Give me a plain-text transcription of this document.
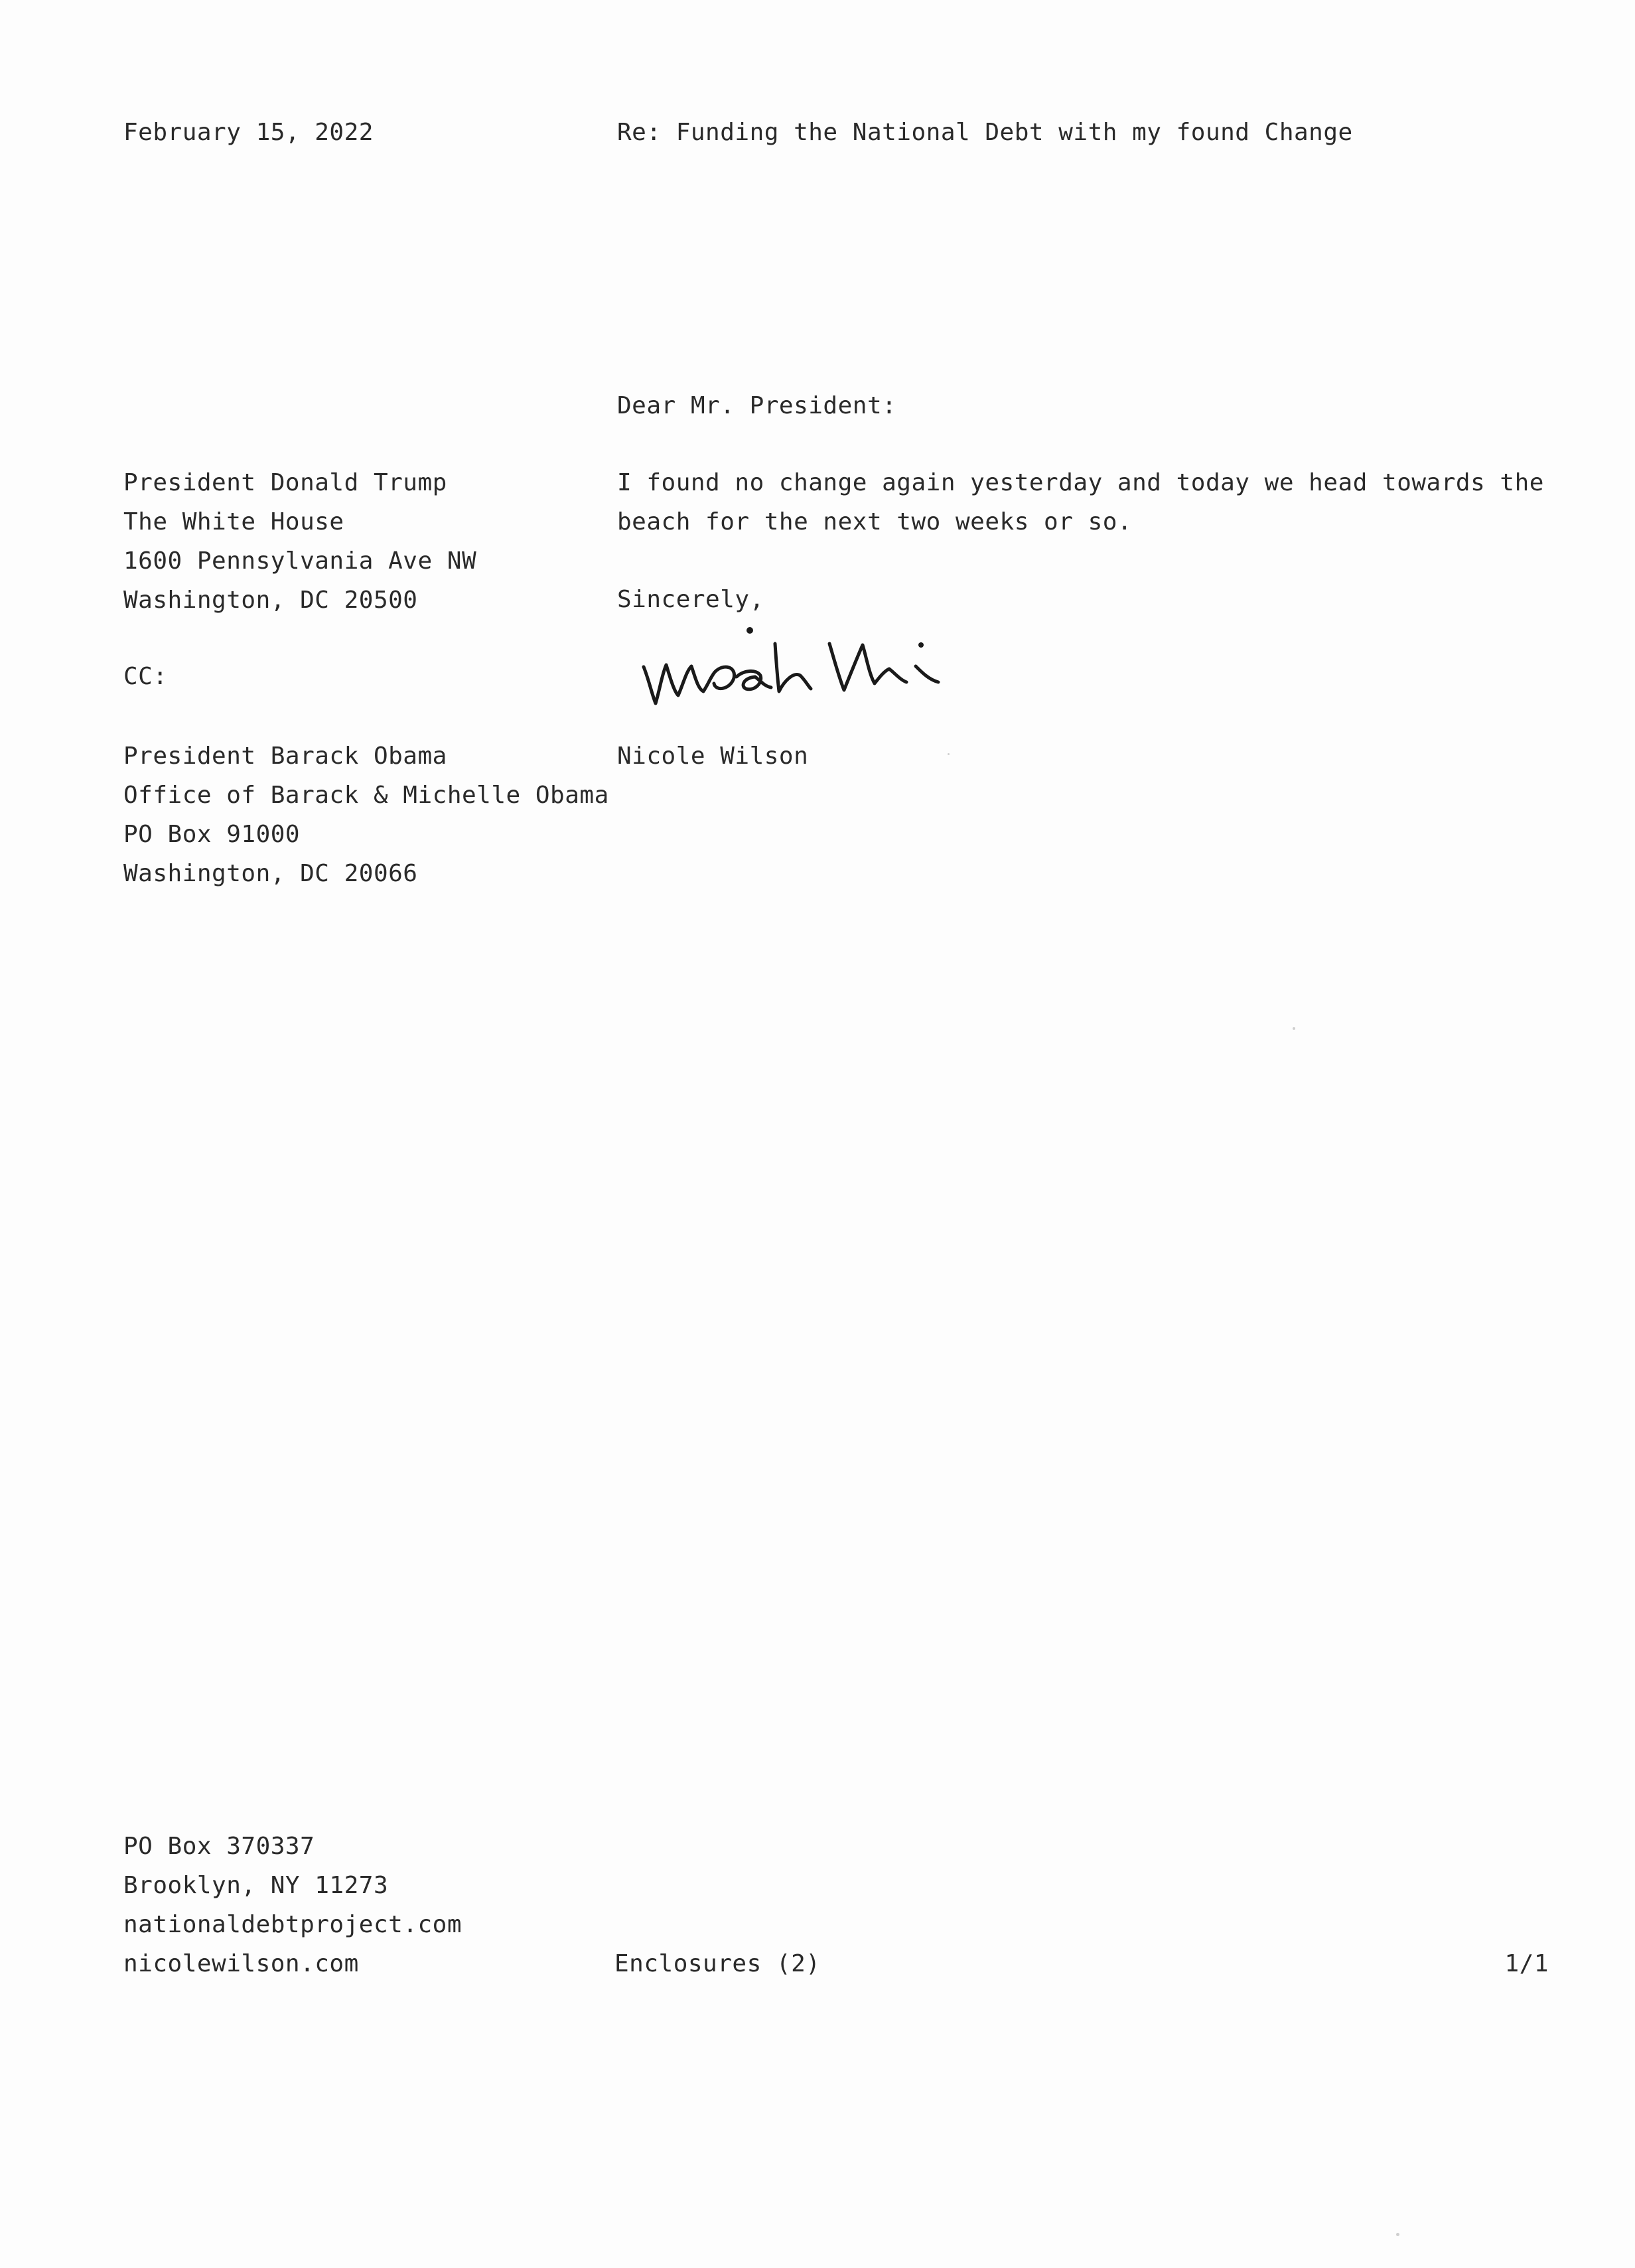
February 15, 2022	Re: Funding the National Debt with my found Change
Dear Mr. President:
President Donald Trump
The White House
1600 Pennsylvania Ave NW
Washington, DC 20500
I found no change again yesterday and today we head towards the
beach for the next two weeks or so.
Sincerely,
CC:
Nicole Wilson
President Barack Obama
Office of Barack & Michelle Obama
PO Box 91000
Washington, DC 20066
PO Box 370337
Brooklyn, NY 11273
nationaldebtproject.com
nicolewilson.com	Enclosures (2)	1/1
